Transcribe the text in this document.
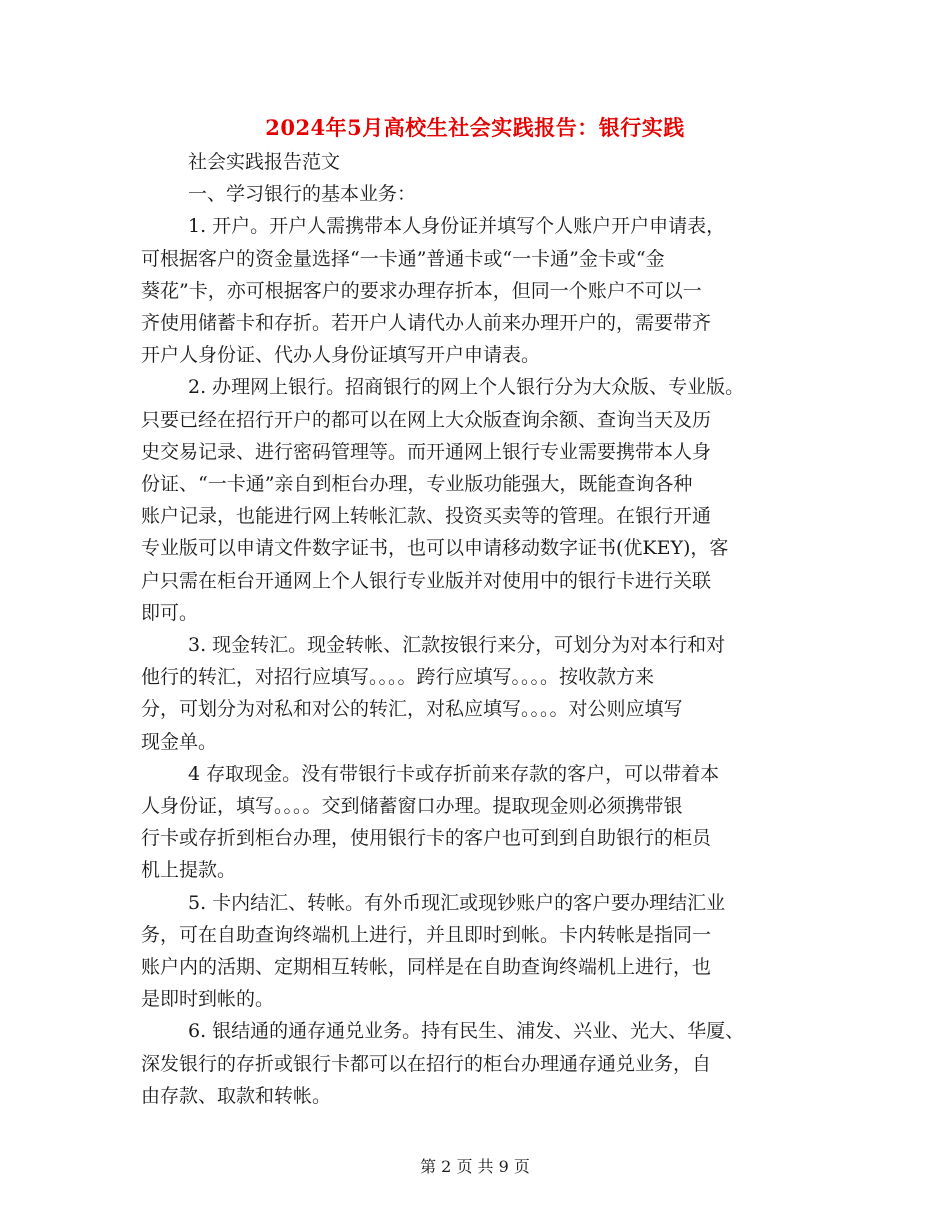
2024年5月高校生社会实践报告：银行实践
社会实践报告范文
一、学习银行的基本业务：
1. 开户。开户人需携带本人身份证并填写个人账户开户申请表，
可根据客户的资金量选择“一卡通”普通卡或“一卡通”金卡或“金
葵花”卡，亦可根据客户的要求办理存折本，但同一个账户不可以一
齐使用储蓄卡和存折。若开户人请代办人前来办理开户的，需要带齐
开户人身份证、代办人身份证填写开户申请表。
2. 办理网上银行。招商银行的网上个人银行分为大众版、专业版。
只要已经在招行开户的都可以在网上大众版查询余额、查询当天及历
史交易记录、进行密码管理等。而开通网上银行专业需要携带本人身
份证、“一卡通”亲自到柜台办理，专业版功能强大，既能查询各种
账户记录，也能进行网上转帐汇款、投资买卖等的管理。在银行开通
专业版可以申请文件数字证书，也可以申请移动数字证书(优KEY)，客
户只需在柜台开通网上个人银行专业版并对使用中的银行卡进行关联
即可。
3. 现金转汇。现金转帐、汇款按银行来分，可划分为对本行和对
他行的转汇，对招行应填写。。。。跨行应填写。。。。按收款方来
分，可划分为对私和对公的转汇，对私应填写。。。。对公则应填写
现金单。
4 存取现金。没有带银行卡或存折前来存款的客户，可以带着本
人身份证，填写。。。。交到储蓄窗口办理。提取现金则必须携带银
行卡或存折到柜台办理，使用银行卡的客户也可到到自助银行的柜员
机上提款。
5. 卡内结汇、转帐。有外币现汇或现钞账户的客户要办理结汇业
务，可在自助查询终端机上进行，并且即时到帐。卡内转帐是指同一
账户内的活期、定期相互转帐，同样是在自助查询终端机上进行，也
是即时到帐的。
6. 银结通的通存通兑业务。持有民生、浦发、兴业、光大、华厦、
深发银行的存折或银行卡都可以在招行的柜台办理通存通兑业务，自
由存款、取款和转帐。
第 2 页 共 9 页
